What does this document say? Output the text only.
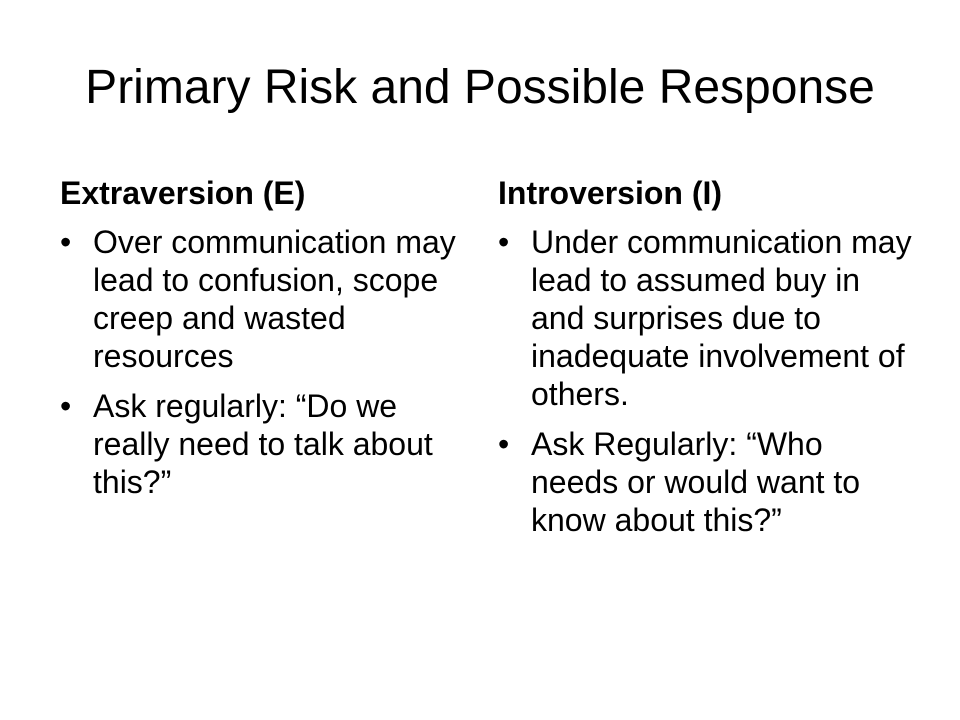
Primary Risk and Possible Response
Extraversion (E)
• Over communication may lead to confusion, scope creep and wasted resources
• Ask regularly: “Do we really need to talk about this?”
Introversion (I)
• Under communication may lead to assumed buy in and surprises due to inadequate involvement of others.
• Ask Regularly: “Who needs or would want to know about this?”
